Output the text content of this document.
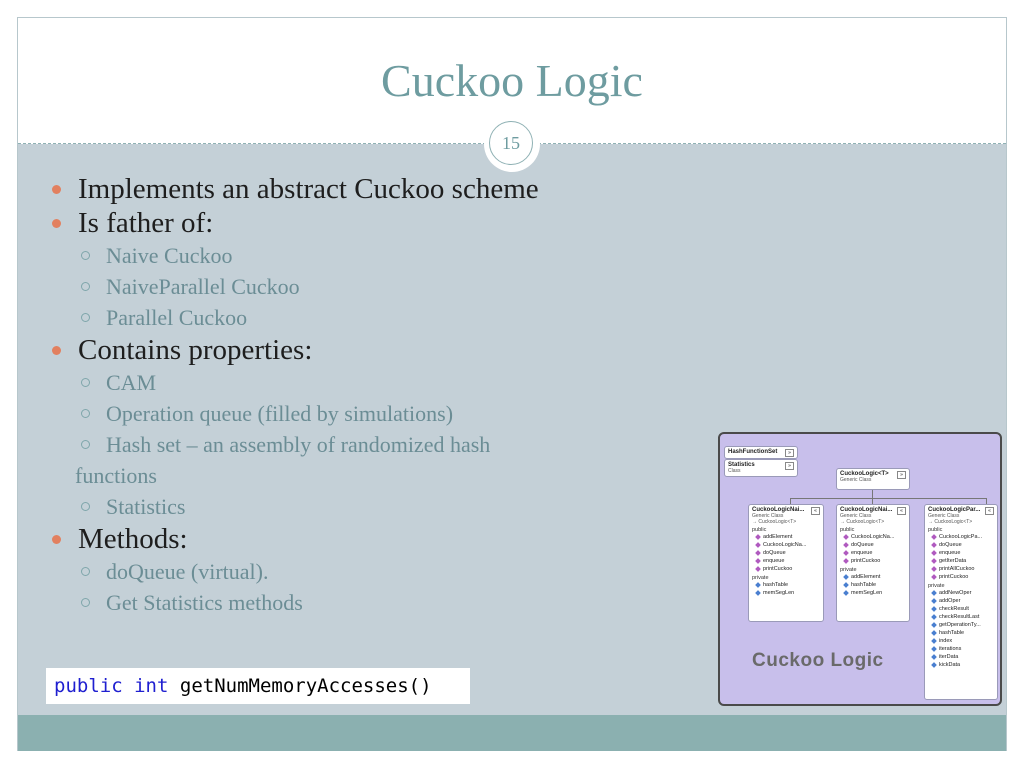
Cuckoo Logic
15
Implements an abstract Cuckoo scheme
Is father of:
Naive Cuckoo
NaiveParallel Cuckoo
Parallel Cuckoo
Contains properties:
CAM
Operation queue (filled by simulations)
Hash set – an assembly of randomized hash
functions
Statistics
Methods:
doQueue (virtual).
Get Statistics methods
public int getNumMemoryAccesses()
HashFunctionSet	»
Statistics
Class
»
CuckooLogic<T>
Generic Class
»
CuckooLogicNai...
Generic Class
→ CuckooLogic<T>
«
public
addElement
CuckooLogicNa...
doQueue
enqueue
printCuckoo
private
hashTable
memSegLen
CuckooLogicNai...
Generic Class
→ CuckooLogic<T>
«
public
CuckooLogicNa...
doQueue
enqueue
printCuckoo
private
addElement
hashTable
memSegLen
CuckooLogicPar...
Generic Class
→ CuckooLogic<T>
«
public
CuckooLogicPa...
doQueue
enqueue
getIterData
printAllCuckoo
printCuckoo
private
addNewOper
addOper
checkResult
checkResultLast
getOperationTy...
hashTable
index
iterations
iterData
kickData
Cuckoo Logic
